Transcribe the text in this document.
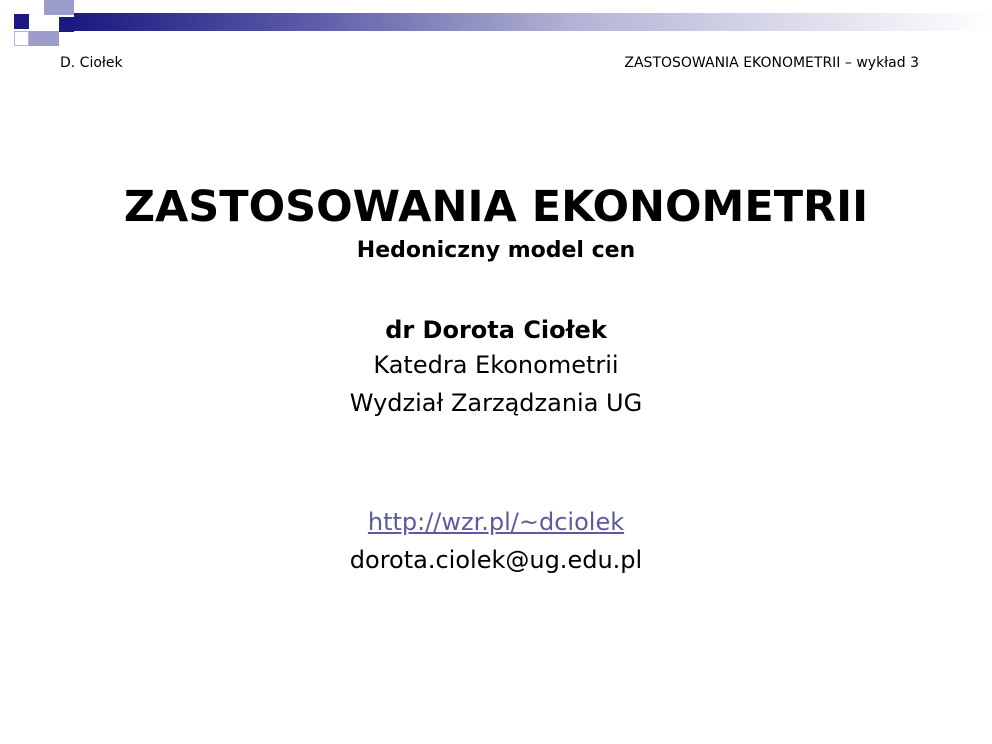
D. Ciołek	ZASTOSOWANIA EKONOMETRII – wykład 3
ZASTOSOWANIA EKONOMETRII
Hedoniczny model cen
dr Dorota Ciołek
Katedra Ekonometrii
Wydział Zarządzania UG
http://wzr.pl/~dciolek
dorota.ciolek@ug.edu.pl
